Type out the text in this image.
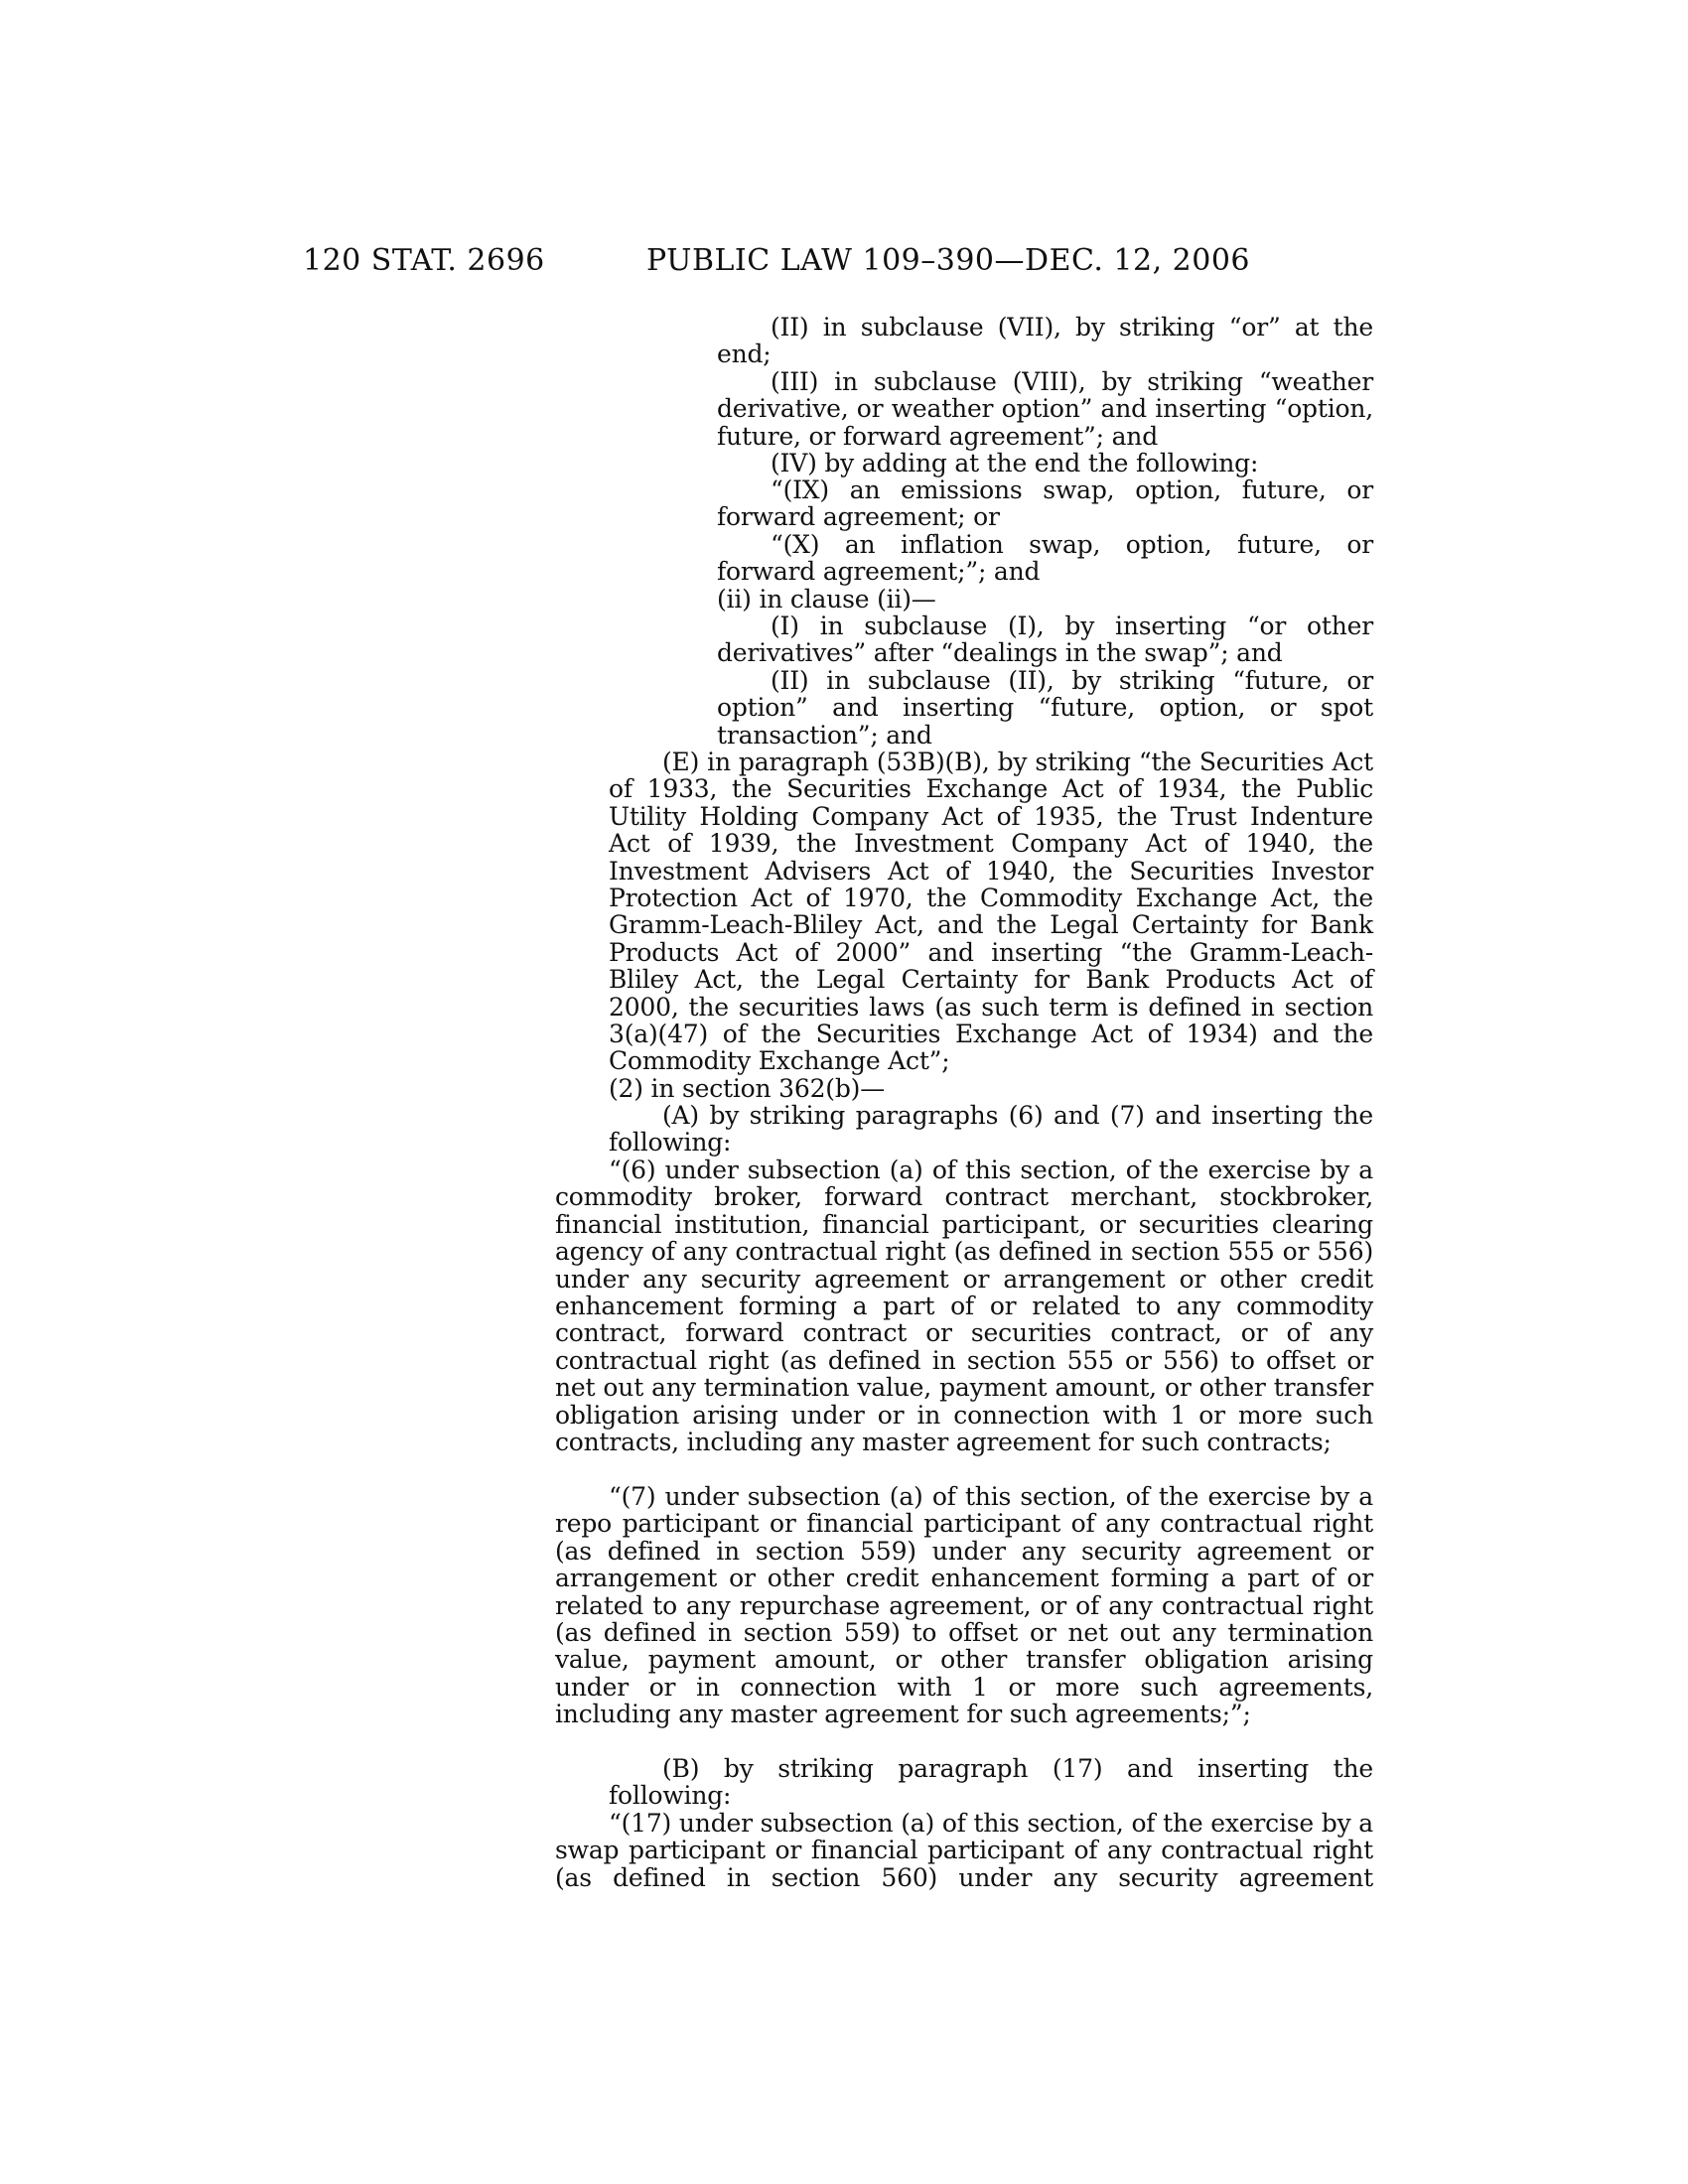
120 STAT. 2696	PUBLIC LAW 109–390—DEC. 12, 2006

(II) in subclause (VII), by striking “or” at the end;

(III) in subclause (VIII), by striking “weather derivative, or weather option” and inserting “option, future, or forward agreement”; and

(IV) by adding at the end the following:

“(IX) an emissions swap, option, future, or forward agreement; or

“(X) an inflation swap, option, future, or forward agreement;”; and

(ii) in clause (ii)—

(I) in subclause (I), by inserting “or other derivatives” after “dealings in the swap”; and

(II) in subclause (II), by striking “future, or option” and inserting “future, option, or spot transaction”; and

(E) in paragraph (53B)(B), by striking “the Securities Act of 1933, the Securities Exchange Act of 1934, the Public Utility Holding Company Act of 1935, the Trust Indenture Act of 1939, the Investment Company Act of 1940, the Investment Advisers Act of 1940, the Securities Investor Protection Act of 1970, the Commodity Exchange Act, the Gramm-Leach-Bliley Act, and the Legal Certainty for Bank Products Act of 2000” and inserting “the Gramm-Leach-Bliley Act, the Legal Certainty for Bank Products Act of 2000, the securities laws (as such term is defined in section 3(a)(47) of the Securities Exchange Act of 1934) and the Commodity Exchange Act”;

(2) in section 362(b)—

(A) by striking paragraphs (6) and (7) and inserting the following:

“(6) under subsection (a) of this section, of the exercise by a commodity broker, forward contract merchant, stockbroker, financial institution, financial participant, or securities clearing agency of any contractual right (as defined in section 555 or 556) under any security agreement or arrangement or other credit enhancement forming a part of or related to any commodity contract, forward contract or securities contract, or of any contractual right (as defined in section 555 or 556) to offset or net out any termination value, payment amount, or other transfer obligation arising under or in connection with 1 or more such contracts, including any master agreement for such contracts;

“(7) under subsection (a) of this section, of the exercise by a repo participant or financial participant of any contractual right (as defined in section 559) under any security agreement or arrangement or other credit enhancement forming a part of or related to any repurchase agreement, or of any contractual right (as defined in section 559) to offset or net out any termination value, payment amount, or other transfer obligation arising under or in connection with 1 or more such agreements, including any master agreement for such agreements;”;

(B) by striking paragraph (17) and inserting the following:

“(17) under subsection (a) of this section, of the exercise by a swap participant or financial participant of any contractual right (as defined in section 560) under any security agreement
